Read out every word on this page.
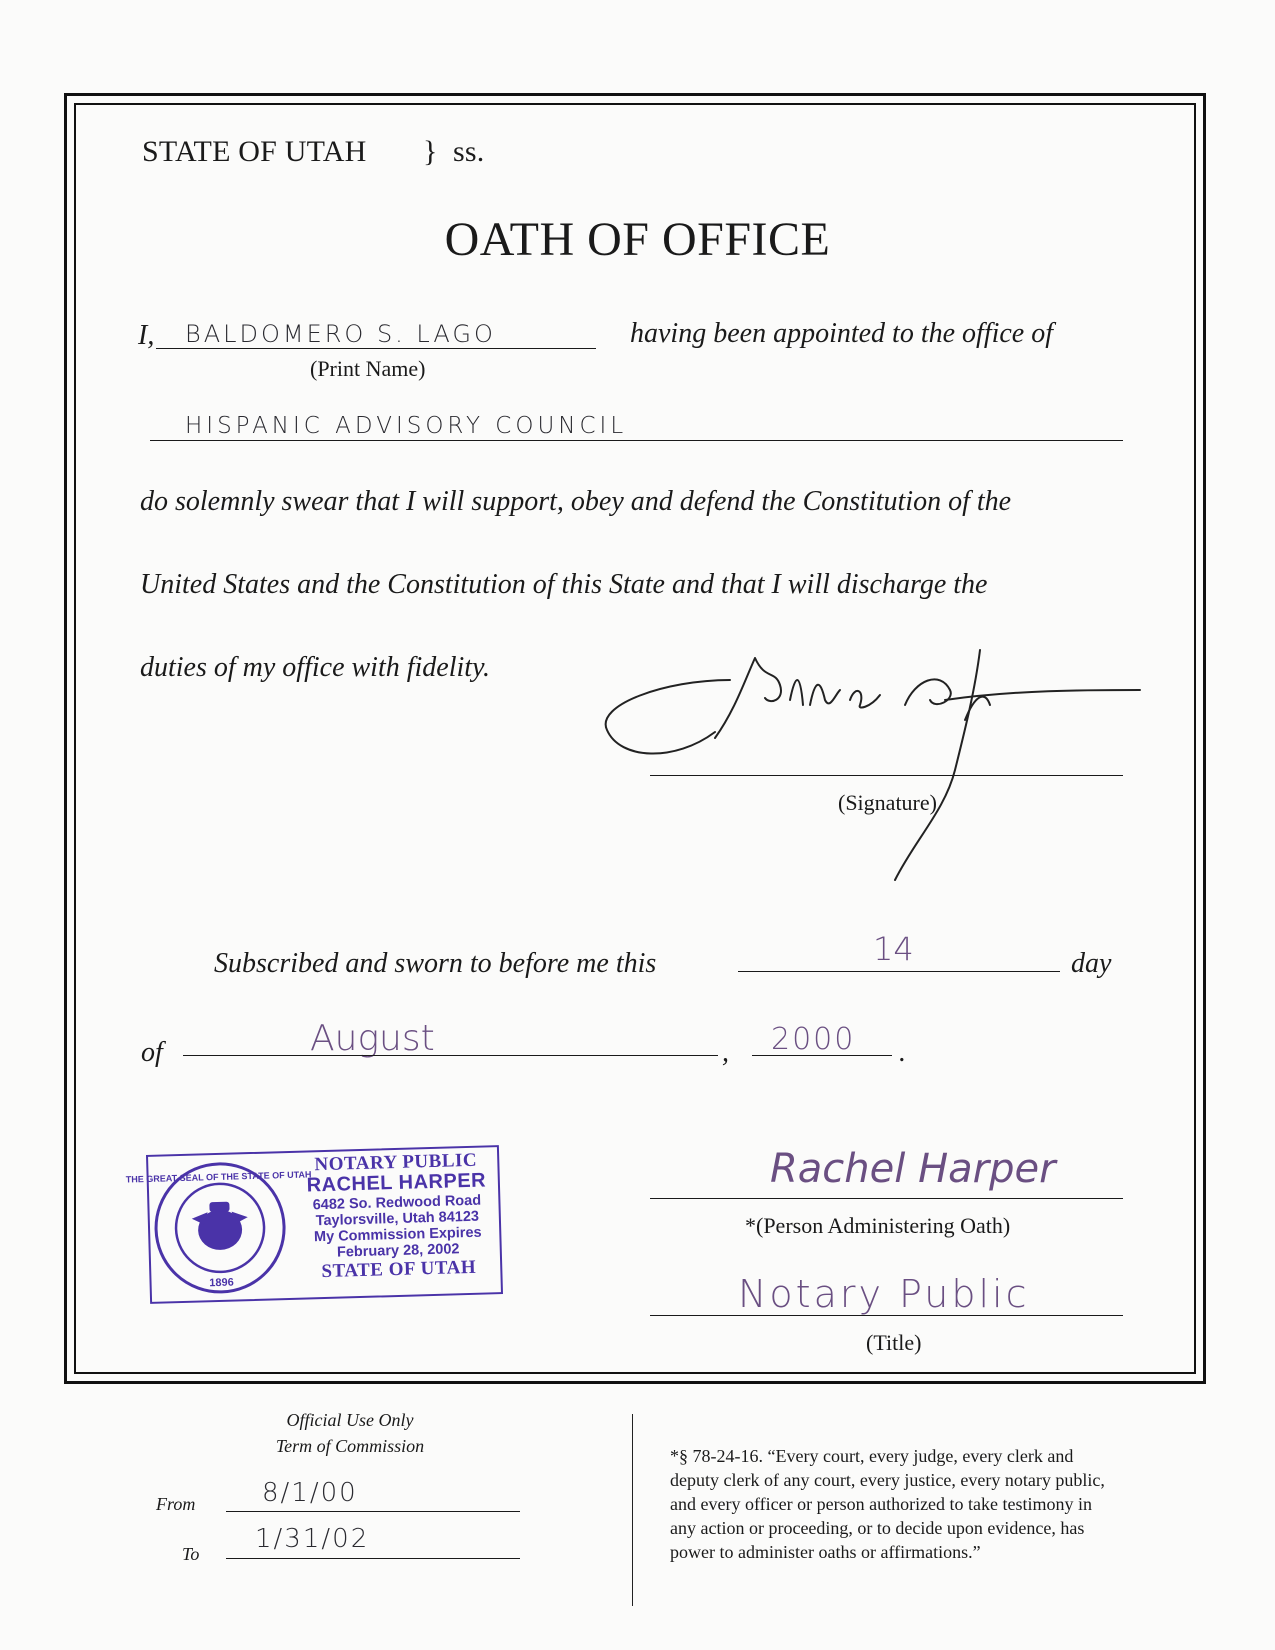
STATE OF UTAH } ss.
OATH OF OFFICE
I, BALDOMERO S. LAGO
(Print Name)
having been appointed to the office of
HISPANIC ADVISORY COUNCIL
do solemnly swear that I will support, obey and defend the Constitution of the
United States and the Constitution of this State and that I will discharge the
duties of my office with fidelity.
(Signature)
Subscribed and sworn to before me this	14	day
of	August	, 2000 .
THE GREAT SEAL OF THE STATE OF UTAH
1896
NOTARY PUBLIC
RACHEL HARPER
6482 So. Redwood Road
Taylorsville, Utah 84123
My Commission Expires
February 28, 2002
STATE OF UTAH
Rachel Harper
*(Person Administering Oath)
Notary Public
(Title)
Official Use Only
Term of Commission
From	8/1/00
To 1/31/02
*§ 78-24-16. “Every court, every judge, every clerk and
deputy clerk of any court, every justice, every notary public,
and every officer or person authorized to take testimony in
any action or proceeding, or to decide upon evidence, has
power to administer oaths or affirmations.”
